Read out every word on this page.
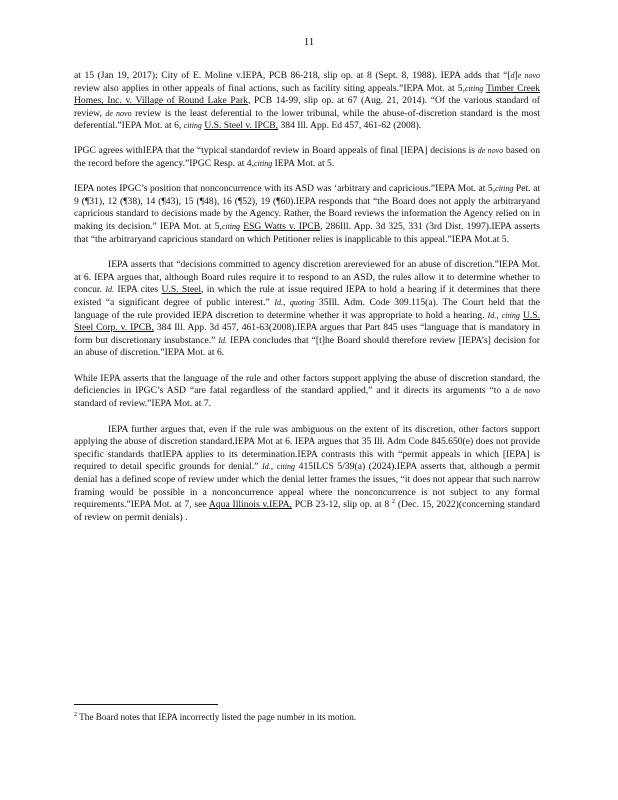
11

at 15 (Jan 19, 2017); City of E. Moline v.IEPA, PCB 86-218, slip op. at 8 (Sept. 8, 1988). IEPA adds that “[d]e novo review also applies in other appeals of final actions, such as facility siting appeals.”IEPA Mot. at 5,citing Timber Creek Homes, Inc. v. Village of Round Lake Park, PCB 14-99, slip op. at 67 (Aug. 21, 2014). “Of the various standard of review, de novo review is the least deferential to the lower tribunal, while the abuse-of-discretion standard is the most deferential.”IEPA Mot. at 6, citing U.S. Steel v. IPCB, 384 Ill. App. Ed 457, 461-62 (2008).

IPGC agrees withIEPA that the “typical standardof review in Board appeals of final [IEPA] decisions is de novo based on the record before the agency.”IPGC Resp. at 4,citing IEPA Mot. at 5.

IEPA notes IPGC’s position that nonconcurrence with its ASD was ‘arbitrary and capricious.”IEPA Mot. at 5,citing Pet. at 9 (¶31), 12 (¶38), 14 (¶43), 15 (¶48), 16 (¶52), 19 (¶60).IEPA responds that “the Board does not apply the arbitraryand capricious standard to decisions made by the Agency. Rather, the Board reviews the information the Agency relied on in making its decision.” IEPA Mot. at 5,citing ESG Watts v. IPCB, 286Ill. App. 3d 325, 331 (3rd Dist. 1997).IEPA asserts that “the arbitraryand capricious standard on which Petitioner relies is inapplicable to this appeal.”IEPA Mot.at 5.

IEPA asserts that “decisions committed to agency discretion arereviewed for an abuse of discretion.”IEPA Mot. at 6. IEPA argues that, although Board rules require it to respond to an ASD, the rules allow it to determine whether to concur. Id. IEPA cites U.S. Steel, in which the rule at issue required IEPA to hold a hearing if it determines that there existed “a significant degree of public interest.” Id., quoting 35Ill. Adm. Code 309.115(a). The Court held that the language of the rule provided IEPA discretion to determine whether it was appropriate to hold a hearing. Id., citing U.S. Steel Corp. v. IPCB, 384 Ill. App. 3d 457, 461-63(2008).IEPA argues that Part 845 uses “language that is mandatory in form but discretionary insubstance.” Id. IEPA concludes that “[t]he Board should therefore review [IEPA’s] decision for an abuse of discretion.”IEPA Mot. at 6.

While IEPA asserts that the language of the rule and other factors support applying the abuse of discretion standard, the deficiencies in IPGC’s ASD “are fatal regardless of the standard applied,” and it directs its arguments “to a de novo standard of review.”IEPA Mot. at 7.

IEPA further argues that, even if the rule was ambiguous on the extent of its discretion, other factors support applying the abuse of discretion standard.IEPA Mot at 6. IEPA argues that 35 Ill. Adm Code 845.650(e) does not provide specific standards thatIEPA applies to its determination.IEPA contrasts this with “permit appeals in which [IEPA] is required to detail specific grounds for denial.” Id., citing 415ILCS 5/39(a) (2024).IEPA asserts that, although a permit denial has a defined scope of review under which the denial letter frames the issues, “it does not appear that such narrow framing would be possible in a nonconcurrence appeal where the nonconcurrence is not subject to any formal requirements.”IEPA Mot. at 7, see Aqua Illinois v.IEPA, PCB 23-12, slip op. at 8 $^2$ (Dec. 15, 2022)(concerning standard of review on permit denials) .

$^2$ The Board notes that IEPA incorrectly listed the page number in its motion.
